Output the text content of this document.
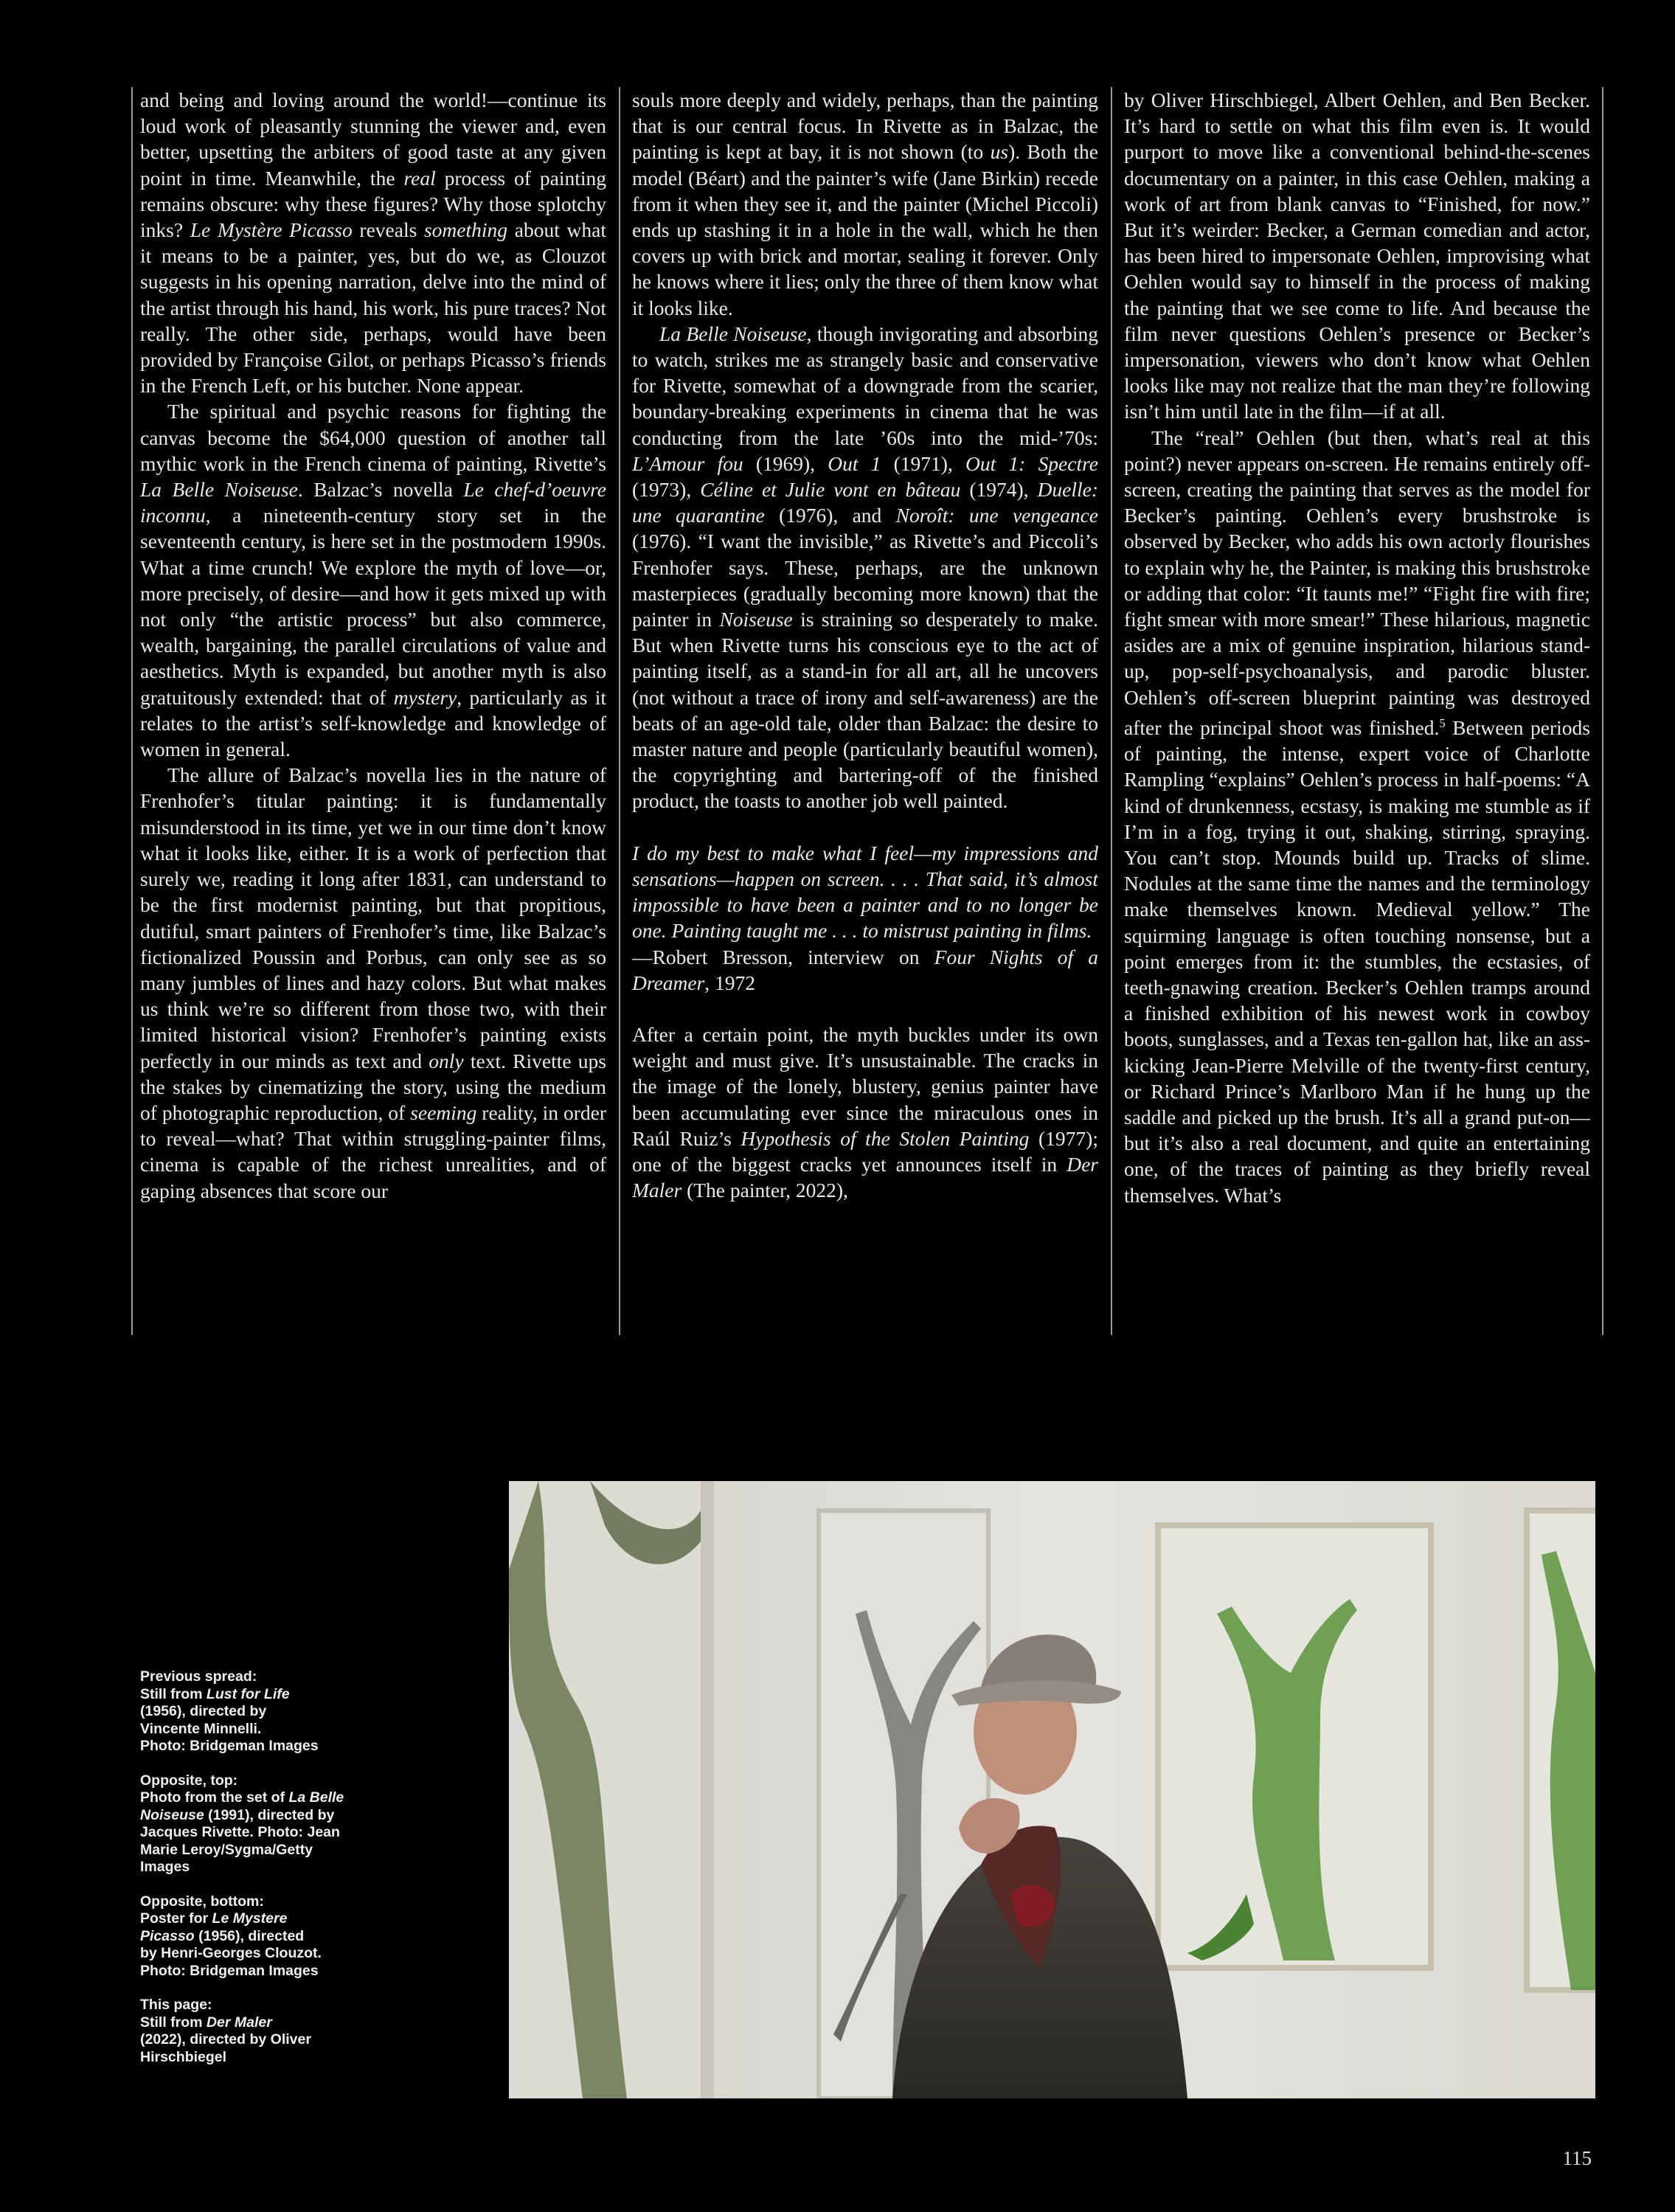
and being and loving around the world!—continue its loud work of pleasantly stunning the viewer and, even better, upsetting the arbiters of good taste at any given point in time. Meanwhile, the real process of painting remains obscure: why these figures? Why those splotchy inks? Le Mystère Picasso reveals something about what it means to be a painter, yes, but do we, as Clouzot suggests in his opening narration, delve into the mind of the artist through his hand, his work, his pure traces? Not really. The other side, perhaps, would have been provided by Françoise Gilot, or perhaps Picasso’s friends in the French Left, or his butcher. None appear.

The spiritual and psychic reasons for fighting the canvas become the $64,000 question of another tall mythic work in the French cinema of painting, Rivette’s La Belle Noiseuse. Balzac’s novella Le chef-d’oeuvre inconnu, a nineteenth-century story set in the seventeenth century, is here set in the postmodern 1990s. What a time crunch! We explore the myth of love—or, more precisely, of desire—and how it gets mixed up with not only “the artistic process” but also commerce, wealth, bargaining, the parallel circulations of value and aesthetics. Myth is expanded, but another myth is also gratuitously extended: that of mystery, particularly as it relates to the artist’s self-knowledge and knowledge of women in general.

The allure of Balzac’s novella lies in the nature of Frenhofer’s titular painting: it is fundamentally misunderstood in its time, yet we in our time don’t know what it looks like, either. It is a work of perfection that surely we, reading it long after 1831, can understand to be the first modernist painting, but that propitious, dutiful, smart painters of Frenhofer’s time, like Balzac’s fictionalized Poussin and Porbus, can only see as so many jumbles of lines and hazy colors. But what makes us think we’re so different from those two, with their limited historical vision? Frenhofer’s painting exists perfectly in our minds as text and only text. Rivette ups the stakes by cinematizing the story, using the medium of photographic reproduction, of seeming reality, in order to reveal—what? That within struggling-painter films, cinema is capable of the richest unrealities, and of gaping absences that score our

souls more deeply and widely, perhaps, than the painting that is our central focus. In Rivette as in Balzac, the painting is kept at bay, it is not shown (to us). Both the model (Béart) and the painter’s wife (Jane Birkin) recede from it when they see it, and the painter (Michel Piccoli) ends up stashing it in a hole in the wall, which he then covers up with brick and mortar, sealing it forever. Only he knows where it lies; only the three of them know what it looks like.

La Belle Noiseuse, though invigorating and absorbing to watch, strikes me as strangely basic and conservative for Rivette, somewhat of a downgrade from the scarier, boundary-breaking experiments in cinema that he was conducting from the late ’60s into the mid-’70s: L’Amour fou (1969), Out 1 (1971), Out 1: Spectre (1973), Céline et Julie vont en bâteau (1974), Duelle: une quarantine (1976), and Noroît: une vengeance (1976). “I want the invisible,” as Rivette’s and Piccoli’s Frenhofer says. These, perhaps, are the unknown masterpieces (gradually becoming more known) that the painter in Noiseuse is straining so desperately to make. But when Rivette turns his conscious eye to the act of painting itself, as a stand-in for all art, all he uncovers (not without a trace of irony and self-awareness) are the beats of an age-old tale, older than Balzac: the desire to master nature and people (particularly beautiful women), the copyrighting and bartering-off of the finished product, the toasts to another job well painted.

I do my best to make what I feel—my impressions and sensations—happen on screen. . . . That said, it’s almost impossible to have been a painter and to no longer be one. Painting taught me . . . to mistrust painting in films.

—Robert Bresson, interview on Four Nights of a Dreamer, 1972

After a certain point, the myth buckles under its own weight and must give. It’s unsustainable. The cracks in the image of the lonely, blustery, genius painter have been accumulating ever since the miraculous ones in Raúl Ruiz’s Hypothesis of the Stolen Painting (1977); one of the biggest cracks yet announces itself in Der Maler (The painter, 2022),

by Oliver Hirschbiegel, Albert Oehlen, and Ben Becker. It’s hard to settle on what this film even is. It would purport to move like a conventional behind-the-scenes documentary on a painter, in this case Oehlen, making a work of art from blank canvas to “Finished, for now.” But it’s weirder: Becker, a German comedian and actor, has been hired to impersonate Oehlen, improvising what Oehlen would say to himself in the process of making the painting that we see come to life. And because the film never questions Oehlen’s presence or Becker’s impersonation, viewers who don’t know what Oehlen looks like may not realize that the man they’re following isn’t him until late in the film—if at all.

The “real” Oehlen (but then, what’s real at this point?) never appears on-screen. He remains entirely off-screen, creating the painting that serves as the model for Becker’s painting. Oehlen’s every brushstroke is observed by Becker, who adds his own actorly flourishes to explain why he, the Painter, is making this brushstroke or adding that color: “It taunts me!” “Fight fire with fire; fight smear with more smear!” These hilarious, magnetic asides are a mix of genuine inspiration, hilarious stand-up, pop-self-psychoanalysis, and parodic bluster. Oehlen’s off-screen blueprint painting was destroyed after the principal shoot was finished.$^5$ Between periods of painting, the intense, expert voice of Charlotte Rampling “explains” Oehlen’s process in half-poems: “A kind of drunkenness, ecstasy, is making me stumble as if I’m in a fog, trying it out, shaking, stirring, spraying. You can’t stop. Mounds build up. Tracks of slime. Nodules at the same time the names and the terminology make themselves known. Medieval yellow.” The squirming language is often touching nonsense, but a point emerges from it: the stumbles, the ecstasies, of teeth-gnawing creation. Becker’s Oehlen tramps around a finished exhibition of his newest work in cowboy boots, sunglasses, and a Texas ten-gallon hat, like an ass-kicking Jean-Pierre Melville of the twenty-first century, or Richard Prince’s Marlboro Man if he hung up the saddle and picked up the brush. It’s all a grand put-on—but it’s also a real document, and quite an entertaining one, of the traces of painting as they briefly reveal themselves. What’s

Previous spread:
Still from Lust for Life
(1956), directed by
Vincente Minnelli.
Photo: Bridgeman Images
Opposite, top:
Photo from the set of La Belle
Noiseuse (1991), directed by
Jacques Rivette. Photo: Jean
Marie Leroy/Sygma/Getty
Images
Opposite, bottom:
Poster for Le Mystere
Picasso (1956), directed
by Henri-Georges Clouzot.
Photo: Bridgeman Images
This page:
Still from Der Maler
(2022), directed by Oliver
Hirschbiegel
115
